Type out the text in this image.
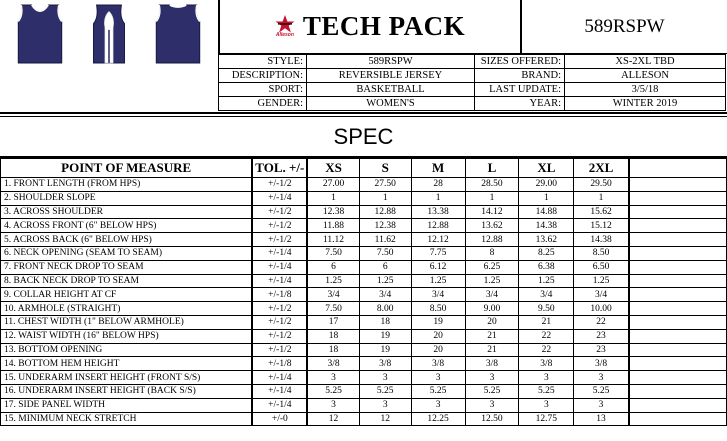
Alleson TECH PACK	589RSPW
STYLE:	589RSPW	SIZES OFFERED:	XS-2XL TBD
DESCRIPTION:	REVERSIBLE JERSEY	BRAND:	ALLESON
SPORT:	BASKETBALL	LAST UPDATE:	3/5/18
GENDER:	WOMEN'S	YEAR:	WINTER 2019
SPEC
POINT OF MEASURE	TOL. +/-	XS	S	M	L	XL	2XL	
1. FRONT LENGTH (FROM HPS)	+/-1/2	27.00	27.50	28	28.50	29.00	29.50	
2. SHOULDER SLOPE	+/-1/4	1	1	1	1	1	1	
3. ACROSS SHOULDER	+/-1/2	12.38	12.88	13.38	14.12	14.88	15.62	
4. ACROSS FRONT (6" BELOW HPS)	+/-1/2	11.88	12.38	12.88	13.62	14.38	15.12	
5. ACROSS BACK (6" BELOW HPS)	+/-1/2	11.12	11.62	12.12	12.88	13.62	14.38	
6. NECK OPENING (SEAM TO SEAM)	+/-1/4	7.50	7.50	7.75	8	8.25	8.50	
7. FRONT NECK DROP TO SEAM	+/-1/4	6	6	6.12	6.25	6.38	6.50	
8. BACK NECK DROP TO SEAM	+/-1/4	1.25	1.25	1.25	1.25	1.25	1.25	
9. COLLAR HEIGHT AT CF	+/-1/8	3/4	3/4	3/4	3/4	3/4	3/4	
10. ARMHOLE (STRAIGHT)	+/-1/2	7.50	8.00	8.50	9.00	9.50	10.00	
11. CHEST WIDTH (1" BELOW ARMHOLE)	+/-1/2	17	18	19	20	21	22	
12. WAIST WIDTH (16" BELOW HPS)	+/-1/2	18	19	20	21	22	23	
13. BOTTOM OPENING	+/-1/2	18	19	20	21	22	23	
14. BOTTOM HEM HEIGHT	+/-1/8	3/8	3/8	3/8	3/8	3/8	3/8	
15. UNDERARM INSERT HEIGHT (FRONT S/S)	+/-1/4	3	3	3	3	3	3	
16. UNDERARM INSERT HEIGHT (BACK S/S)	+/-1/4	5.25	5.25	5.25	5.25	5.25	5.25	
17. SIDE PANEL WIDTH	+/-1/4	3	3	3	3	3	3	
15. MINIMUM NECK STRETCH	+/-0	12	12	12.25	12.50	12.75	13	
